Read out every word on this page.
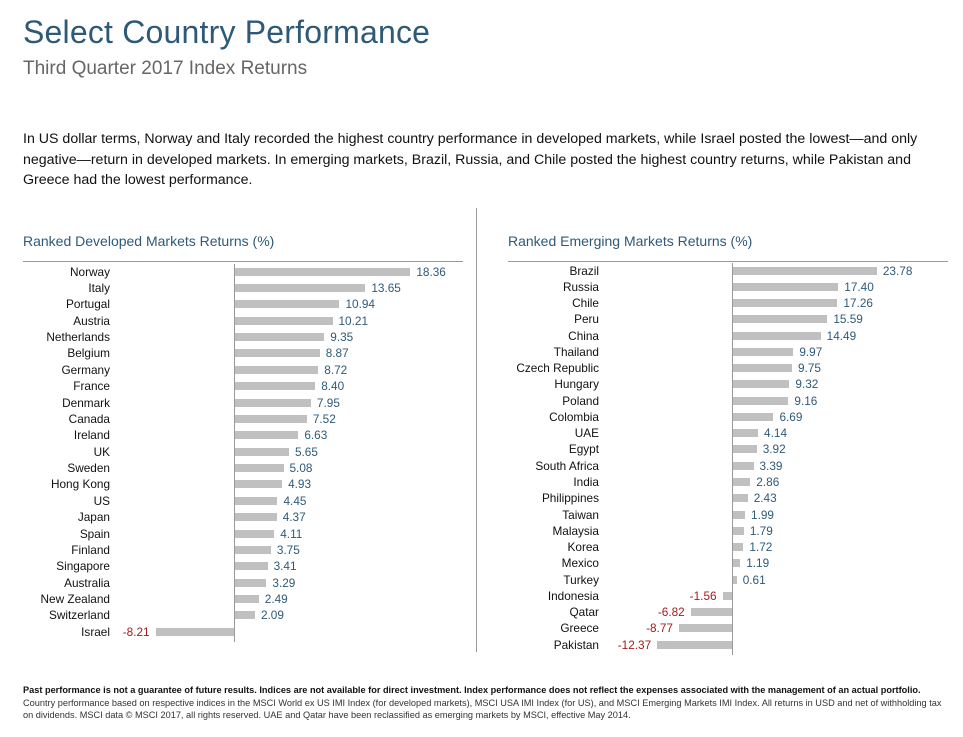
Select Country Performance
Third Quarter 2017 Index Returns
In US dollar terms, Norway and Italy recorded the highest country performance in developed markets, while Israel posted the lowest—and only negative—return in developed markets. In emerging markets, Brazil, Russia, and Chile posted the highest country returns, while Pakistan and Greece had the lowest performance.
Ranked Developed Markets Returns (%)
Norway	18.36
Italy	13.65
Portugal	10.94
Austria	10.21
Netherlands	9.35
Belgium	8.87
Germany	8.72
France	8.40
Denmark	7.95
Canada	7.52
Ireland	6.63
UK	5.65
Sweden	5.08
Hong Kong	4.93
US	4.45
Japan	4.37
Spain	4.11
Finland	3.75
Singapore	3.41
Australia	3.29
New Zealand	2.49
Switzerland	2.09
Israel -8.21
Ranked Emerging Markets Returns (%)
Brazil	23.78
Russia	17.40
Chile	17.26
Peru	15.59
China	14.49
Thailand	9.97
Czech Republic	9.75
Hungary	9.32
Poland	9.16
Colombia	6.69
UAE	4.14
Egypt	3.92
South Africa	3.39
India	2.86
Philippines	2.43
Taiwan	1.99
Malaysia	1.79
Korea	1.72
Mexico	1.19
Turkey	0.61
Indonesia	-1.56
Qatar	-6.82
Greece	-8.77
Pakistan -12.37
Past performance is not a guarantee of future results. Indices are not available for direct investment. Index performance does not reflect the expenses associated with the management of an actual portfolio. Country performance based on respective indices in the MSCI World ex US IMI Index (for developed markets), MSCI USA IMI Index (for US), and MSCI Emerging Markets IMI Index. All returns in USD and net of withholding tax on dividends. MSCI data © MSCI 2017, all rights reserved. UAE and Qatar have been reclassified as emerging markets by MSCI, effective May 2014.
